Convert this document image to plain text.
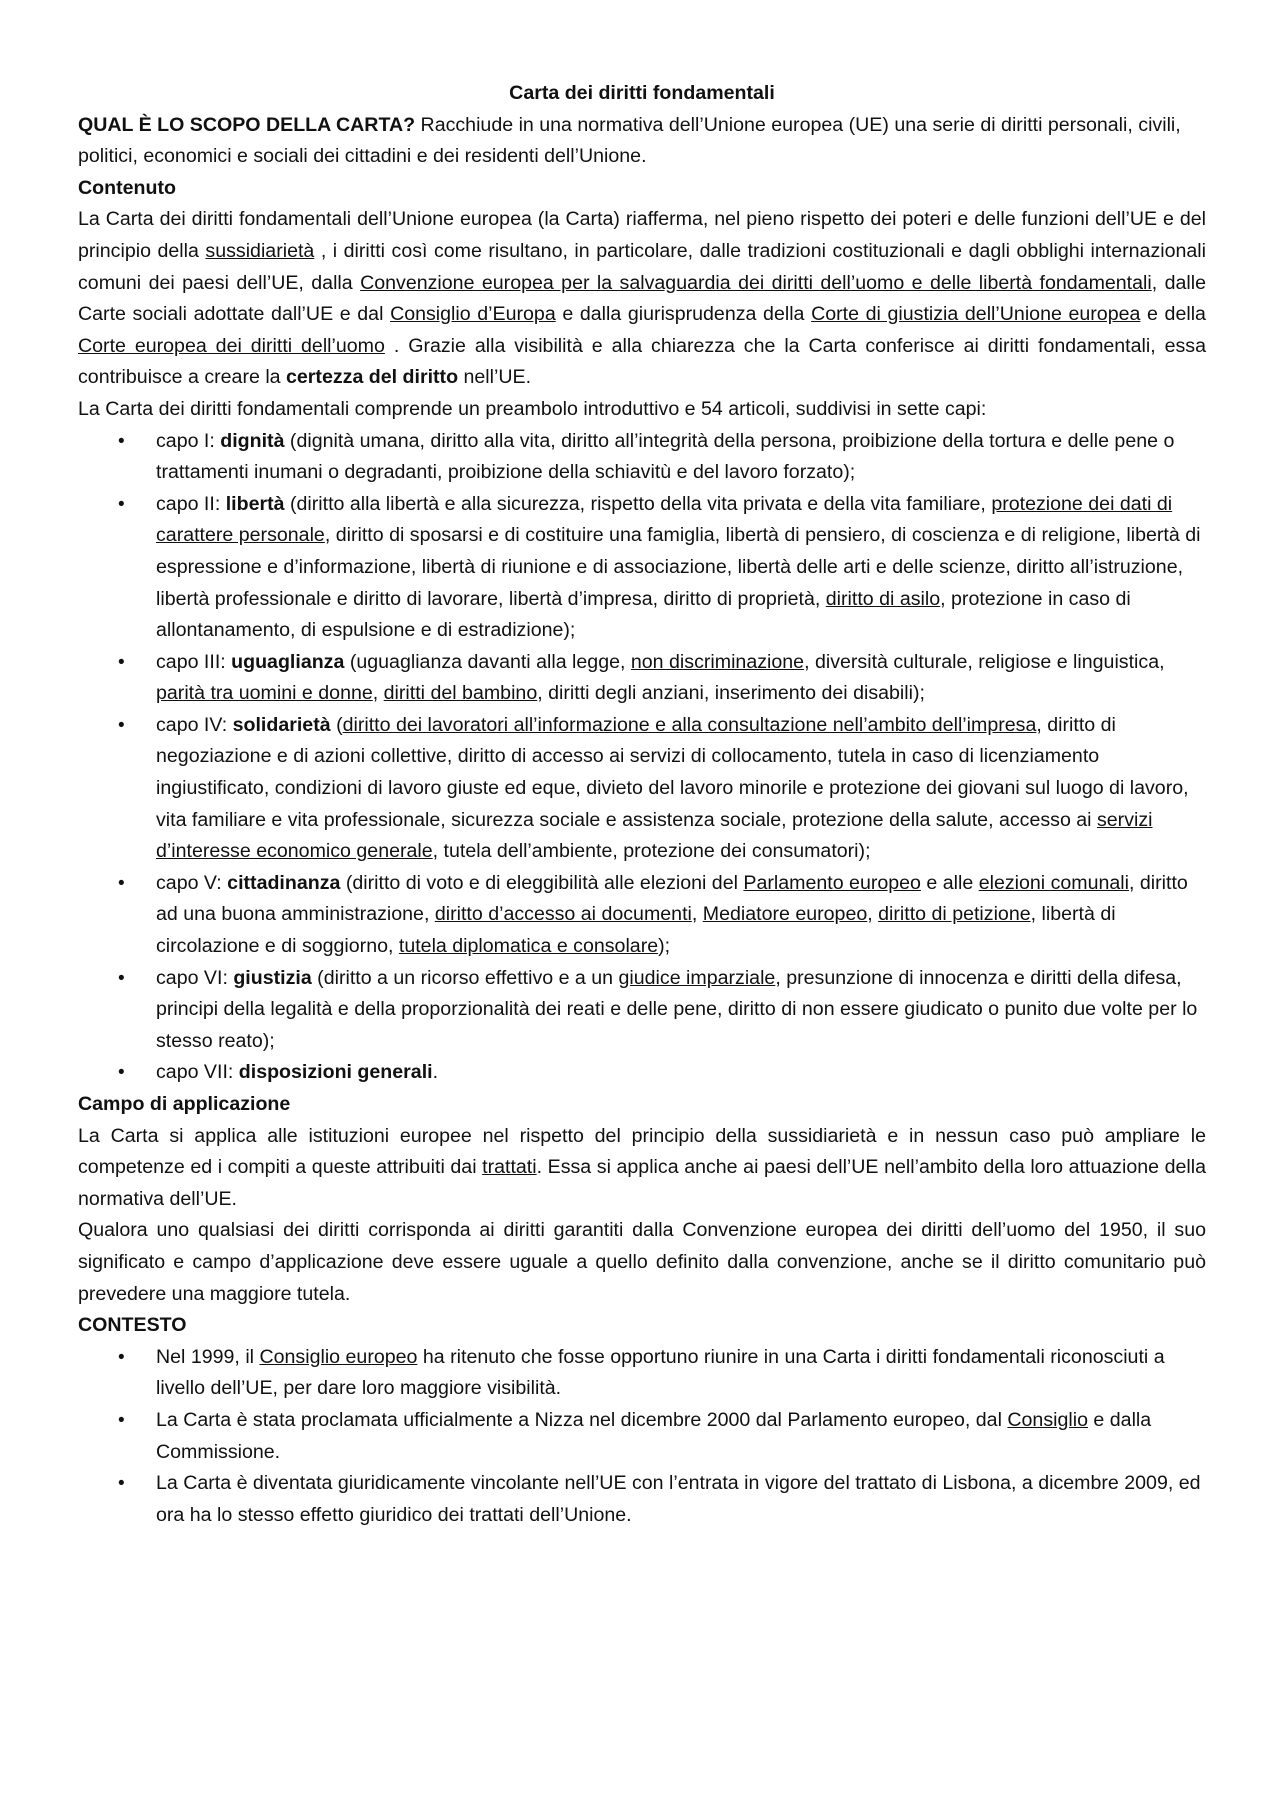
Carta dei diritti fondamentali

QUAL È LO SCOPO DELLA CARTA? Racchiude in una normativa dell’Unione europea (UE) una serie di diritti personali, civili, politici, economici e sociali dei cittadini e dei residenti dell’Unione.

Contenuto

La Carta dei diritti fondamentali dell’Unione europea (la Carta) riafferma, nel pieno rispetto dei poteri e delle funzioni dell’UE e del principio della sussidiarietà , i diritti così come risultano, in particolare, dalle tradizioni costituzionali e dagli obblighi internazionali comuni dei paesi dell’UE, dalla Convenzione europea per la salvaguardia dei diritti dell’uomo e delle libertà fondamentali, dalle Carte sociali adottate dall’UE e dal Consiglio d’Europa e dalla giurisprudenza della Corte di giustizia dell’Unione europea e della Corte europea dei diritti dell’uomo . Grazie alla visibilità e alla chiarezza che la Carta conferisce ai diritti fondamentali, essa contribuisce a creare la certezza del diritto nell’UE.

La Carta dei diritti fondamentali comprende un preambolo introduttivo e 54 articoli, suddivisi in sette capi:

• capo I: dignità (dignità umana, diritto alla vita, diritto all’integrità della persona, proibizione della tortura e delle pene o trattamenti inumani o degradanti, proibizione della schiavitù e del lavoro forzato);
• capo II: libertà (diritto alla libertà e alla sicurezza, rispetto della vita privata e della vita familiare, protezione dei dati di carattere personale, diritto di sposarsi e di costituire una famiglia, libertà di pensiero, di coscienza e di religione, libertà di espressione e d’informazione, libertà di riunione e di associazione, libertà delle arti e delle scienze, diritto all’istruzione, libertà professionale e diritto di lavorare, libertà d’impresa, diritto di proprietà, diritto di asilo, protezione in caso di allontanamento, di espulsione e di estradizione);
• capo III: uguaglianza (uguaglianza davanti alla legge, non discriminazione, diversità culturale, religiose e linguistica, parità tra uomini e donne, diritti del bambino, diritti degli anziani, inserimento dei disabili);
• capo IV: solidarietà (diritto dei lavoratori all’informazione e alla consultazione nell’ambito dell’impresa, diritto di negoziazione e di azioni collettive, diritto di accesso ai servizi di collocamento, tutela in caso di licenziamento ingiustificato, condizioni di lavoro giuste ed eque, divieto del lavoro minorile e protezione dei giovani sul luogo di lavoro, vita familiare e vita professionale, sicurezza sociale e assistenza sociale, protezione della salute, accesso ai servizi d’interesse economico generale, tutela dell’ambiente, protezione dei consumatori);
• capo V: cittadinanza (diritto di voto e di eleggibilità alle elezioni del Parlamento europeo e alle elezioni comunali, diritto ad una buona amministrazione, diritto d’accesso ai documenti, Mediatore europeo, diritto di petizione, libertà di circolazione e di soggiorno, tutela diplomatica e consolare);
• capo VI: giustizia (diritto a un ricorso effettivo e a un giudice imparziale, presunzione di innocenza e diritti della difesa, principi della legalità e della proporzionalità dei reati e delle pene, diritto di non essere giudicato o punito due volte per lo stesso reato);
• capo VII: disposizioni generali.

Campo di applicazione

La Carta si applica alle istituzioni europee nel rispetto del principio della sussidiarietà e in nessun caso può ampliare le competenze ed i compiti a queste attribuiti dai trattati. Essa si applica anche ai paesi dell’UE nell’ambito della loro attuazione della normativa dell’UE.

Qualora uno qualsiasi dei diritti corrisponda ai diritti garantiti dalla Convenzione europea dei diritti dell’uomo del 1950, il suo significato e campo d’applicazione deve essere uguale a quello definito dalla convenzione, anche se il diritto comunitario può prevedere una maggiore tutela.

CONTESTO

• Nel 1999, il Consiglio europeo ha ritenuto che fosse opportuno riunire in una Carta i diritti fondamentali riconosciuti a livello dell’UE, per dare loro maggiore visibilità.
• La Carta è stata proclamata ufficialmente a Nizza nel dicembre 2000 dal Parlamento europeo, dal Consiglio e dalla Commissione.
• La Carta è diventata giuridicamente vincolante nell’UE con l’entrata in vigore del trattato di Lisbona, a dicembre 2009, ed ora ha lo stesso effetto giuridico dei trattati dell’Unione.
